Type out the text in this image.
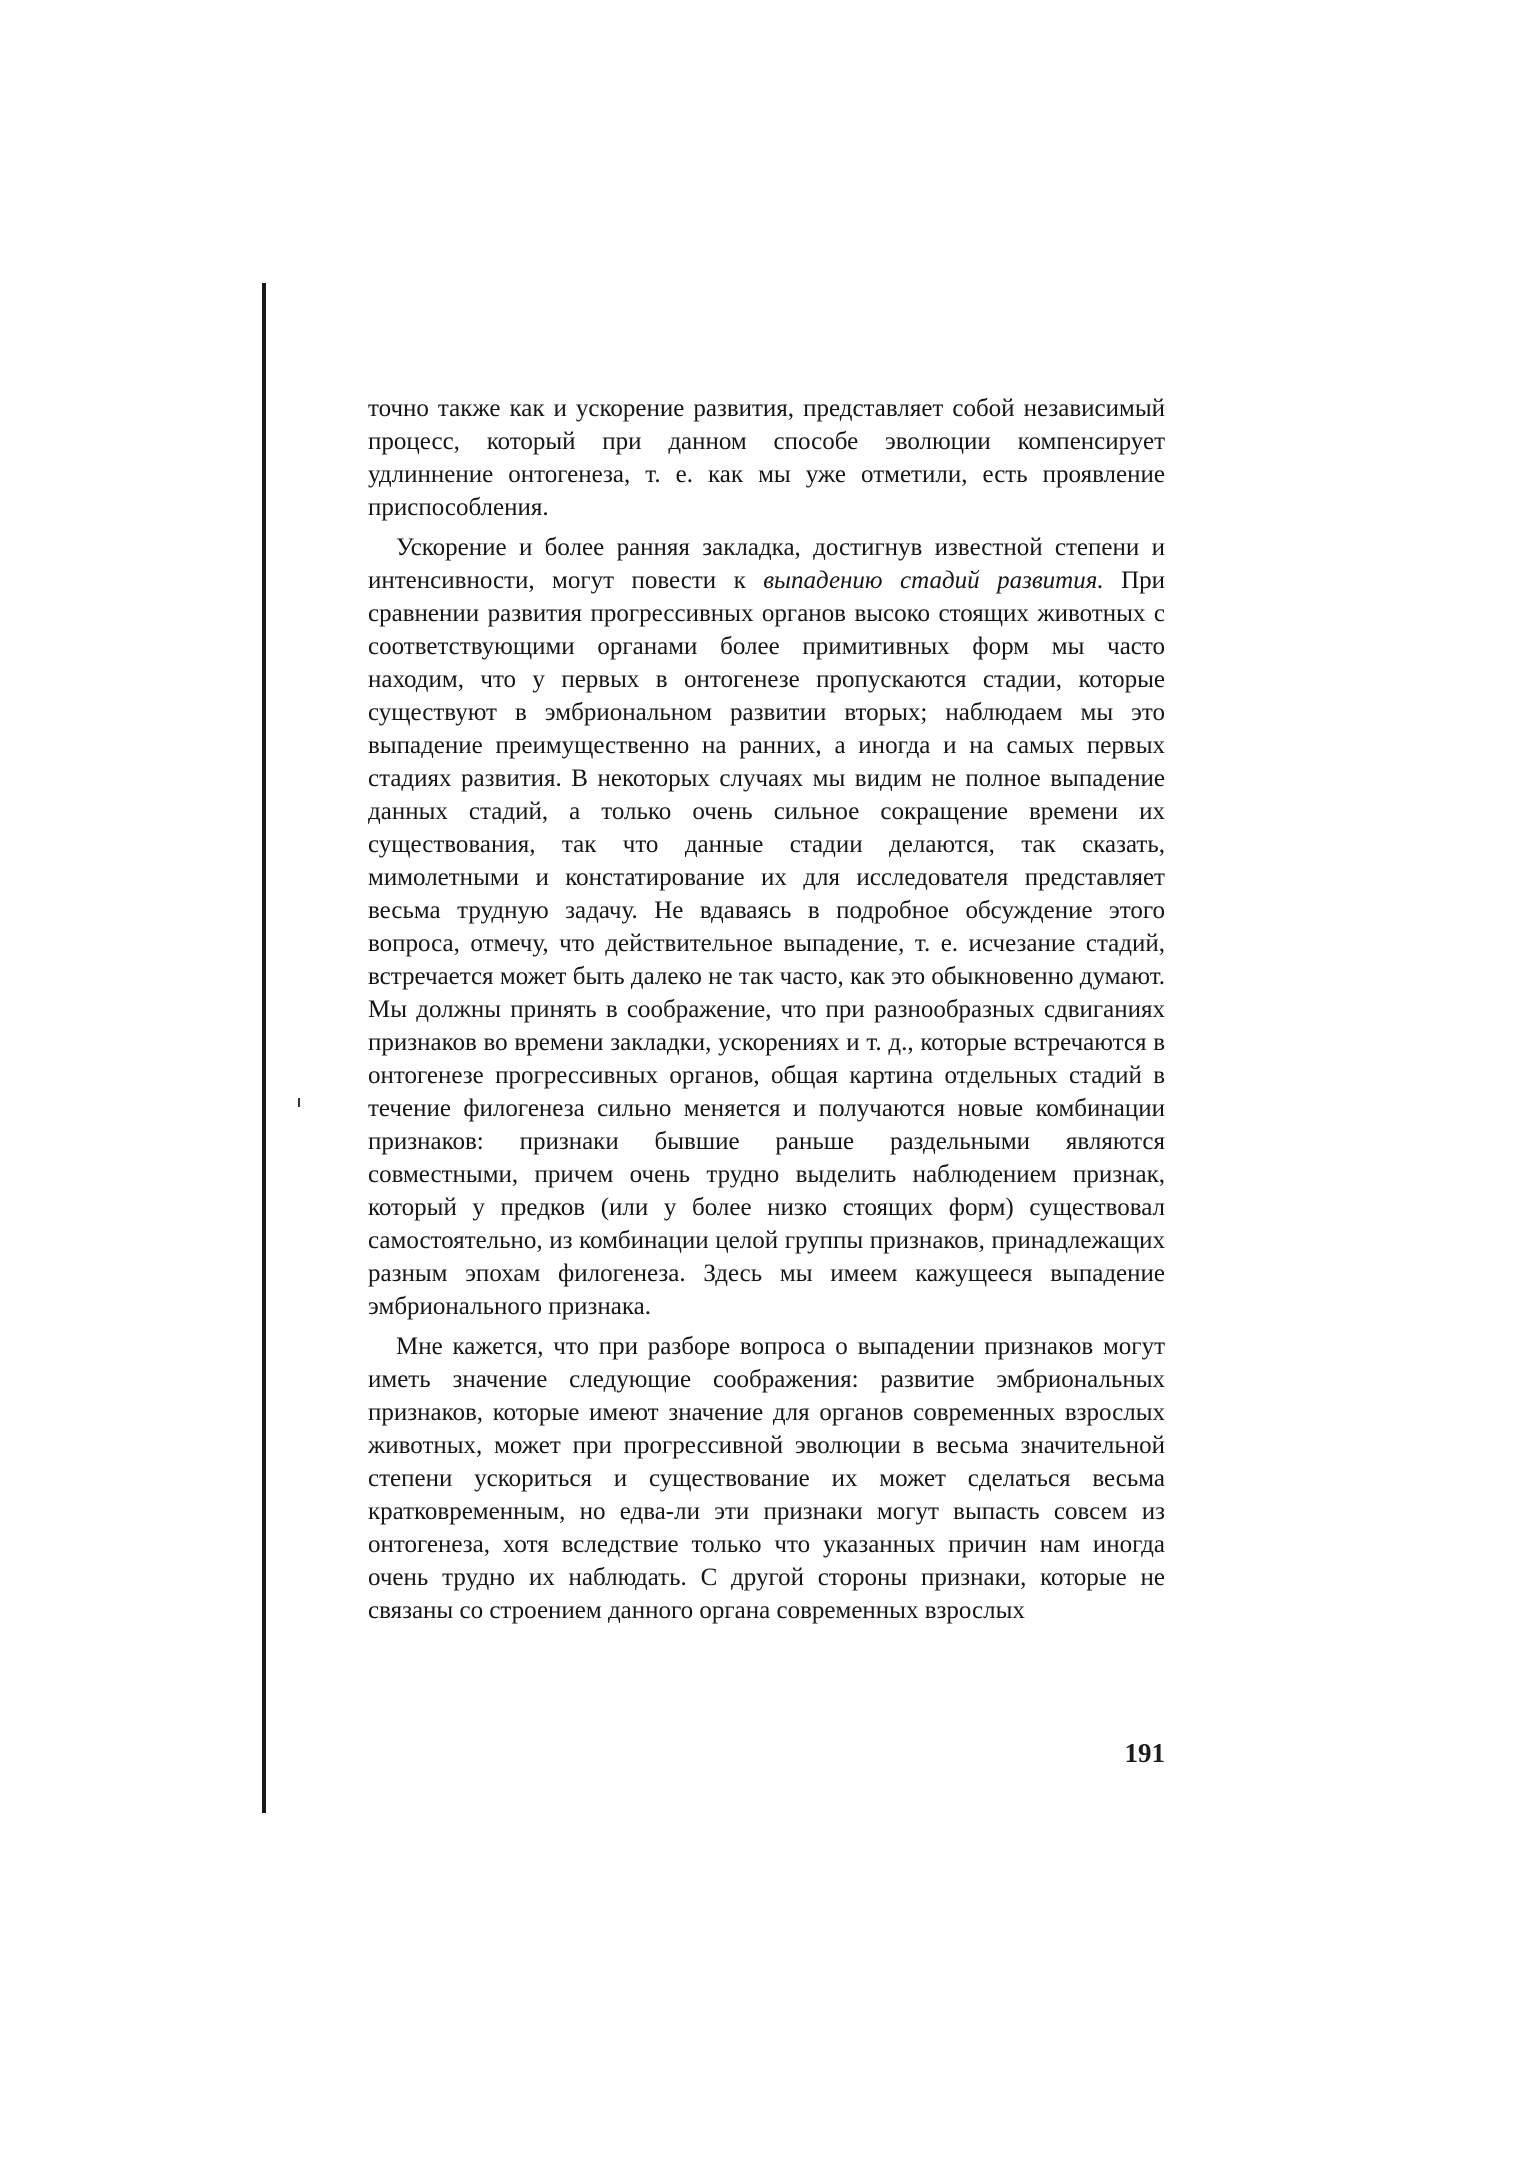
точно также как и ускорение развития, представляет собой независимый процесс, который при данном способе эволюции компенсирует удлиннение онтогенеза, т. е. как мы уже отметили, есть проявление приспособления.

Ускорение и более ранняя закладка, достигнув известной степени и интенсивности, могут повести к выпадению стадий развития. При сравнении развития прогрессивных органов высоко стоящих животных с соответствующими органами более примитивных форм мы часто находим, что у первых в онтогенезе пропускаются стадии, которые существуют в эмбриональном развитии вторых; наблюдаем мы это выпадение преимущественно на ранних, а иногда и на самых первых стадиях развития. В некоторых случаях мы видим не полное выпадение данных стадий, а только очень сильное сокращение времени их существования, так что данные стадии делаются, так сказать, мимолетными и констатирование их для исследователя представляет весьма трудную задачу. Не вдаваясь в подробное обсуждение этого вопроса, отмечу, что действительное выпадение, т. е. исчезание стадий, встречается может быть далеко не так часто, как это обыкновенно думают. Мы должны принять в соображение, что при разнообразных сдвиганиях признаков во времени закладки, ускорениях и т. д., которые встречаются в онтогенезе прогрессивных органов, общая картина отдельных стадий в течение филогенеза сильно меняется и получаются новые комбинации признаков: признаки бывшие раньше раздельными являются совместными, причем очень трудно выделить наблюдением признак, который у предков (или у более низко стоящих форм) существовал самостоятельно, из комбинации целой группы признаков, принадлежащих разным эпохам филогенеза. Здесь мы имеем кажущееся выпадение эмбрионального признака.

Мне кажется, что при разборе вопроса о выпадении признаков могут иметь значение следующие соображения: развитие эмбриональных признаков, которые имеют значение для органов современных взрослых животных, может при прогрессивной эволюции в весьма значительной степени ускориться и существование их может сделаться весьма кратковременным, но едва-ли эти признаки могут выпасть совсем из онтогенеза, хотя вследствие только что указанных причин нам иногда очень трудно их наблюдать. С другой стороны признаки, которые не связаны со строением данного органа современных взрослых

191
